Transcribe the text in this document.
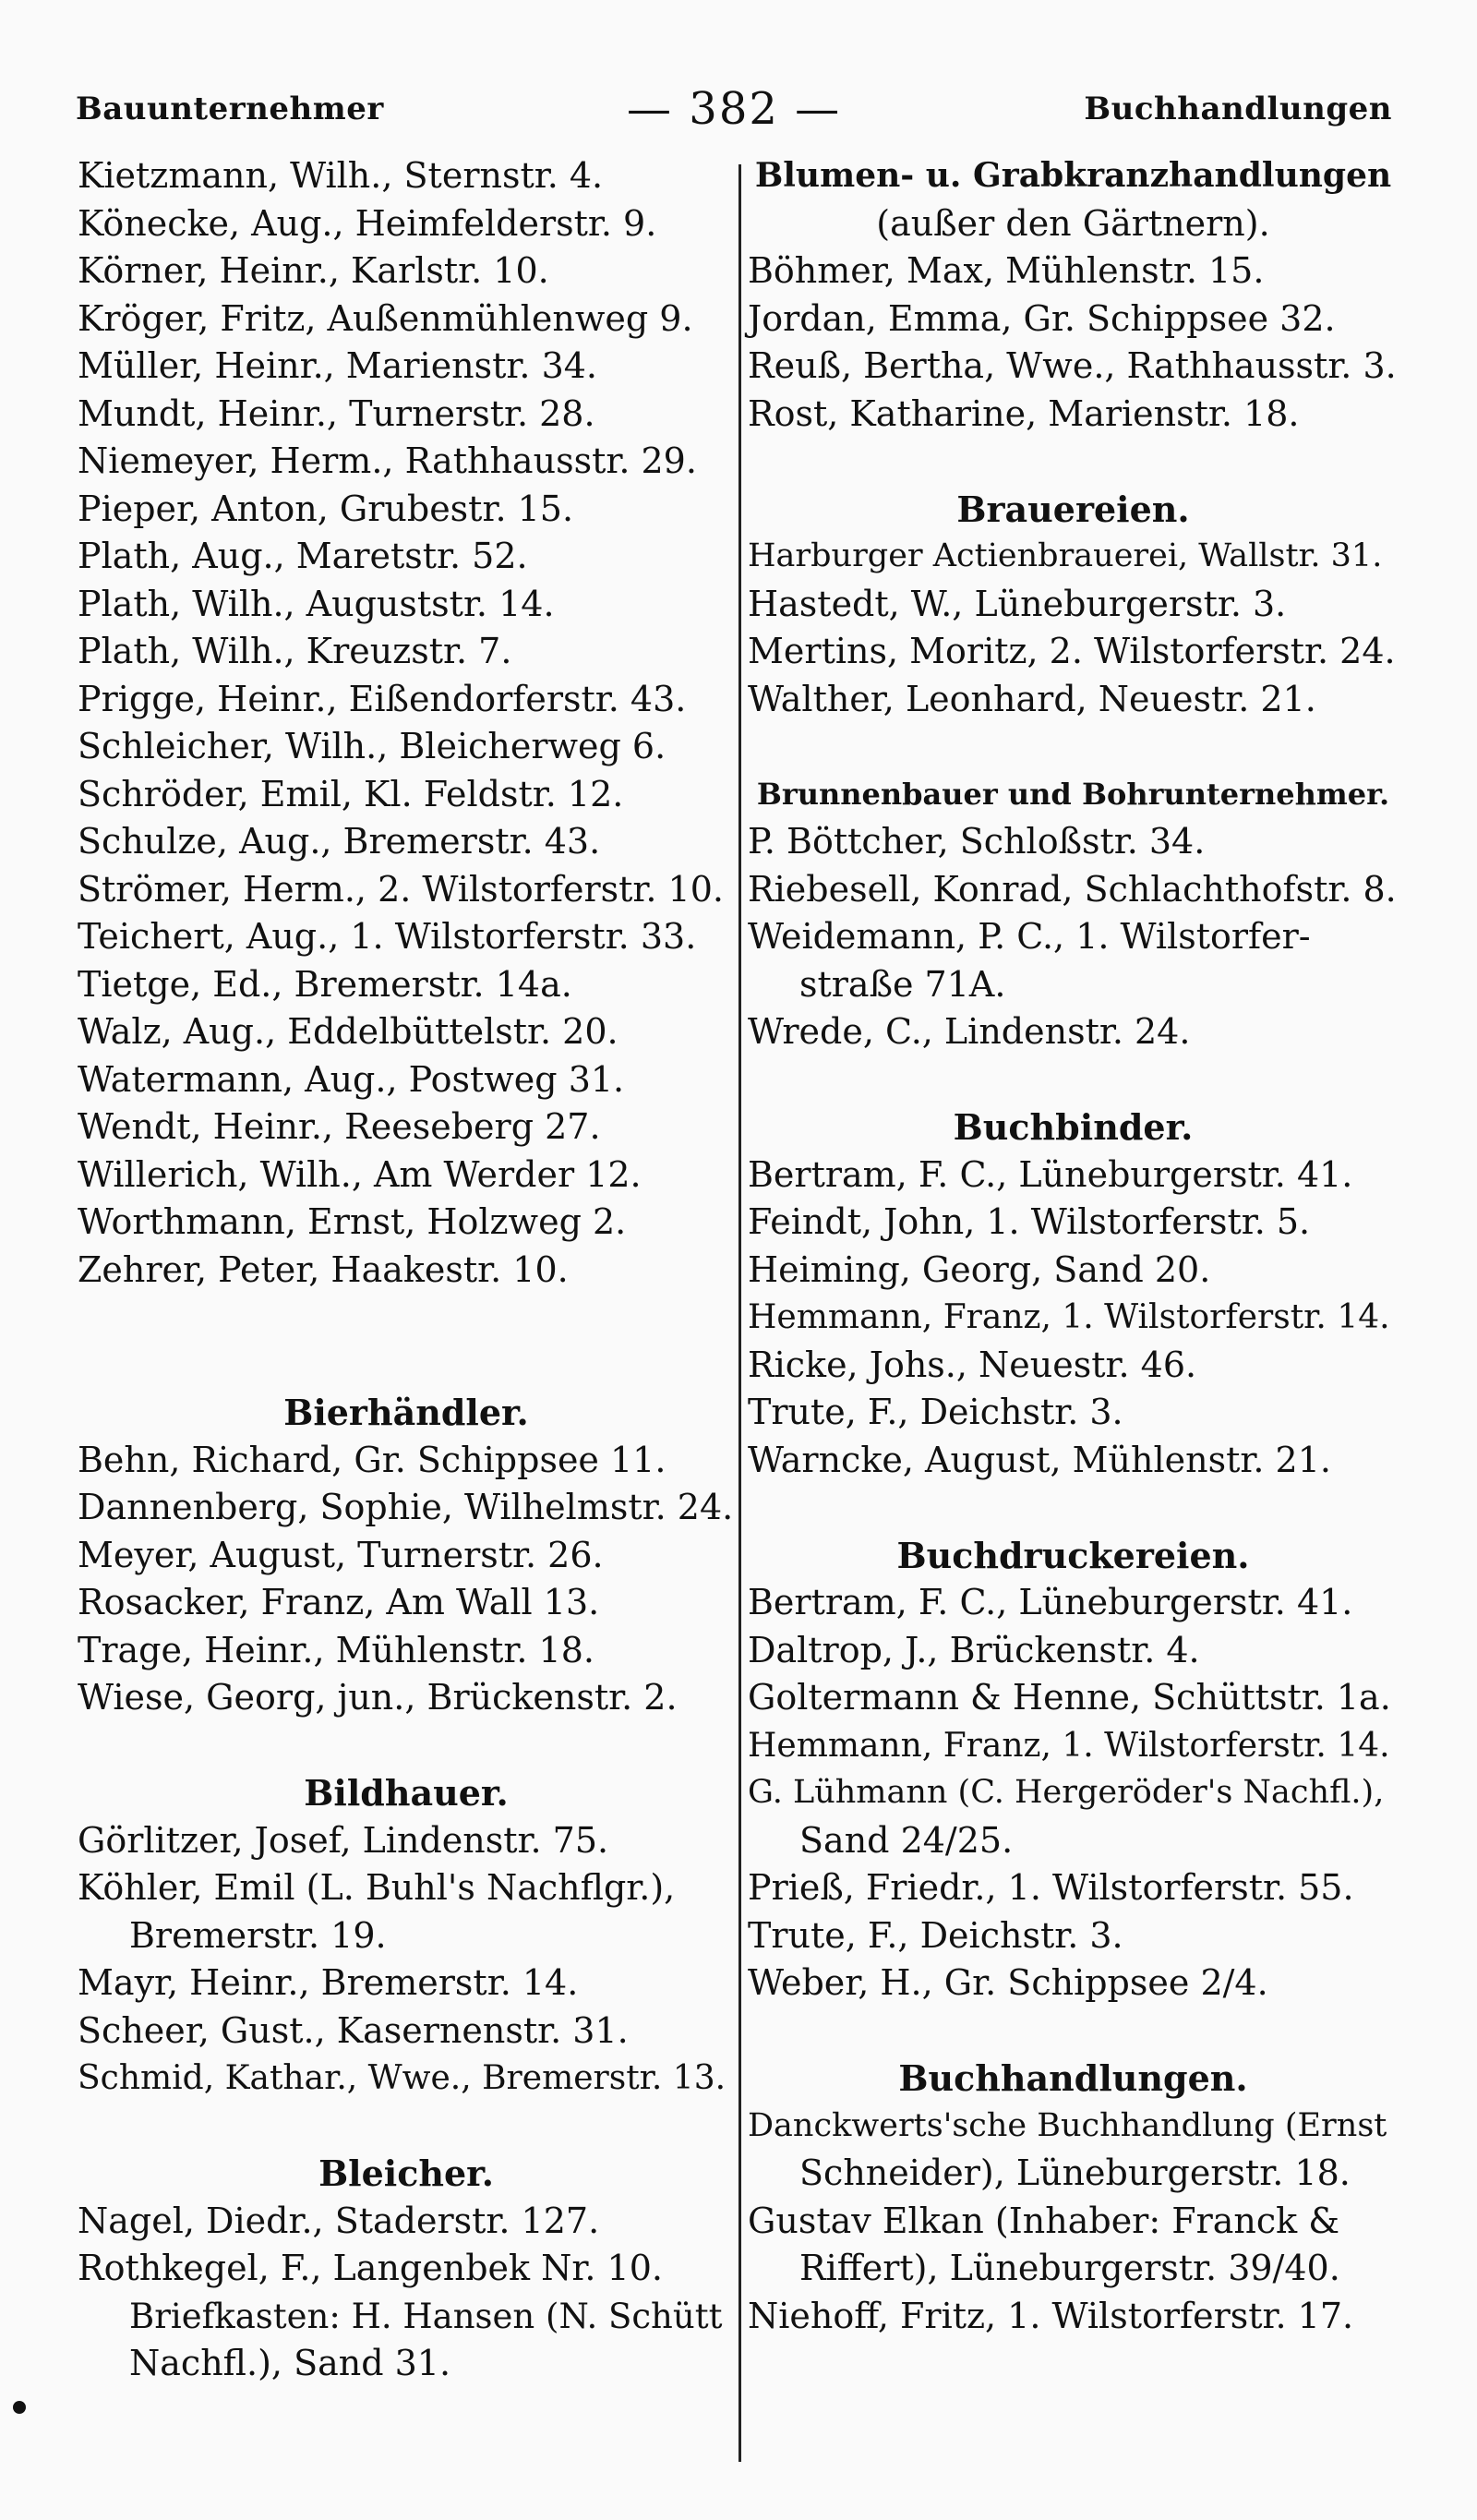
Bauunternehmer	— 382 —	Buchhandlungen
Kietzmann, Wilh., Sternstr. 4.
Könecke, Aug., Heimfelderstr. 9.
Körner, Heinr., Karlstr. 10.
Kröger, Fritz, Außenmühlenweg 9.
Müller, Heinr., Marienstr. 34.
Mundt, Heinr., Turnerstr. 28.
Niemeyer, Herm., Rathhausstr. 29.
Pieper, Anton, Grubestr. 15.
Plath, Aug., Maretstr. 52.
Plath, Wilh., Auguststr. 14.
Plath, Wilh., Kreuzstr. 7.
Prigge, Heinr., Eißendorferstr. 43.
Schleicher, Wilh., Bleicherweg 6.
Schröder, Emil, Kl. Feldstr. 12.
Schulze, Aug., Bremerstr. 43.
Strömer, Herm., 2. Wilstorferstr. 10.
Teichert, Aug., 1. Wilstorferstr. 33.
Tietge, Ed., Bremerstr. 14a.
Walz, Aug., Eddelbüttelstr. 20.
Watermann, Aug., Postweg 31.
Wendt, Heinr., Reeseberg 27.
Willerich, Wilh., Am Werder 12.
Worthmann, Ernst, Holzweg 2.
Zehrer, Peter, Haakestr. 10.
Bierhändler.
Behn, Richard, Gr. Schippsee 11.
Dannenberg, Sophie, Wilhelmstr. 24.
Meyer, August, Turnerstr. 26.
Rosacker, Franz, Am Wall 13.
Trage, Heinr., Mühlenstr. 18.
Wiese, Georg, jun., Brückenstr. 2.
Bildhauer.
Görlitzer, Josef, Lindenstr. 75.
Köhler, Emil (L. Buhl's Nachflgr.),
Bremerstr. 19.
Mayr, Heinr., Bremerstr. 14.
Scheer, Gust., Kasernenstr. 31.
Schmid, Kathar., Wwe., Bremerstr. 13.
Bleicher.
Nagel, Diedr., Staderstr. 127.
Rothkegel, F., Langenbek Nr. 10.
Briefkasten: H. Hansen (N. Schütt
Nachfl.), Sand 31.
Blumen- u. Grabkranzhandlungen
(außer den Gärtnern).
Böhmer, Max, Mühlenstr. 15.
Jordan, Emma, Gr. Schippsee 32.
Reuß, Bertha, Wwe., Rathhausstr. 3.
Rost, Katharine, Marienstr. 18.
Brauereien.
Harburger Actienbrauerei, Wallstr. 31.
Hastedt, W., Lüneburgerstr. 3.
Mertins, Moritz, 2. Wilstorferstr. 24.
Walther, Leonhard, Neuestr. 21.
Brunnenbauer und Bohrunternehmer.
P. Böttcher, Schloßstr. 34.
Riebesell, Konrad, Schlachthofstr. 8.
Weidemann, P. C., 1. Wilstorfer-
straße 71A.
Wrede, C., Lindenstr. 24.
Buchbinder.
Bertram, F. C., Lüneburgerstr. 41.
Feindt, John, 1. Wilstorferstr. 5.
Heiming, Georg, Sand 20.
Hemmann, Franz, 1. Wilstorferstr. 14.
Ricke, Johs., Neuestr. 46.
Trute, F., Deichstr. 3.
Warncke, August, Mühlenstr. 21.
Buchdruckereien.
Bertram, F. C., Lüneburgerstr. 41.
Daltrop, J., Brückenstr. 4.
Goltermann & Henne, Schüttstr. 1a.
Hemmann, Franz, 1. Wilstorferstr. 14.
G. Lühmann (C. Hergeröder's Nachfl.),
Sand 24/25.
Prieß, Friedr., 1. Wilstorferstr. 55.
Trute, F., Deichstr. 3.
Weber, H., Gr. Schippsee 2/4.
Buchhandlungen.
Danckwerts'sche Buchhandlung (Ernst
Schneider), Lüneburgerstr. 18.
Gustav Elkan (Inhaber: Franck &
Riffert), Lüneburgerstr. 39/40.
Niehoff, Fritz, 1. Wilstorferstr. 17.
